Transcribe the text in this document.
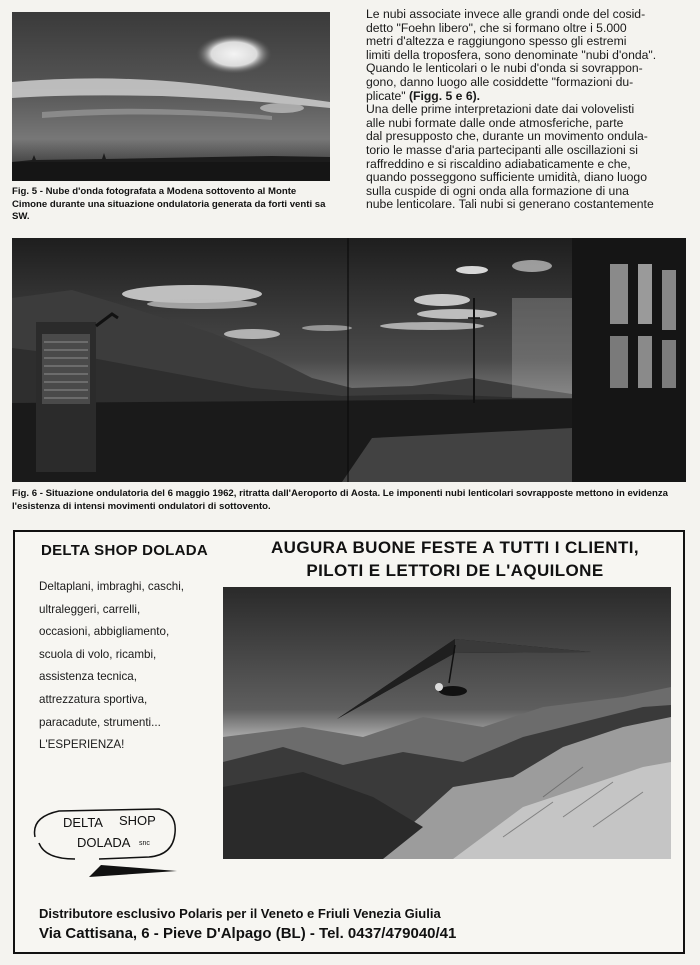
Fig. 5 - Nube d'onda fotografata a Modena sottovento al Monte Cimone durante una situazione ondulatoria generata da forti venti sa SW.

Le nubi associate invece alle grandi onde del cosid-
detto "Foehn libero", che si formano oltre i 5.000
metri d'altezza e raggiungono spesso gli estremi
limiti della troposfera, sono denominate "nubi d'onda".
Quando le lenticolari o le nubi d'onda si sovrappon-
gono, danno luogo alle cosiddette "formazioni du-
plicate" (Figg. 5 e 6).
Una delle prime interpretazioni date dai volovelisti
alle nubi formate dalle onde atmosferiche, parte
dal presupposto che, durante un movimento ondula-
torio le masse d'aria partecipanti alle oscillazioni si
raffreddino e si riscaldino adiabaticamente e che,
quando posseggono sufficiente umidità, diano luogo
sulla cuspide di ogni onda alla formazione di una
nube lenticolare. Tali nubi si generano costantemente

Fig. 6 - Situazione ondulatoria del 6 maggio 1962, ritratta dall'Aeroporto di Aosta. Le imponenti nubi lenticolari sovrapposte mettono in evidenza l'esistenza di intensi movimenti ondulatori di sottovento.

DELTA SHOP DOLADA	AUGURA BUONE FESTE A TUTTI I CLIENTI,
PILOTI E LETTORI DE L'AQUILONE

Deltaplani, imbraghi, caschi,
ultraleggeri, carrelli,
occasioni, abbigliamento,
scuola di volo, ricambi,
assistenza tecnica,
attrezzatura sportiva,
paracadute, strumenti...
L'ESPERIENZA!
DELTA SHOP
DOLADA snc

Distributore esclusivo Polaris per il Veneto e Friuli Venezia Giulia

Via Cattisana, 6 - Pieve D'Alpago (BL) - Tel. 0437/479040/41
